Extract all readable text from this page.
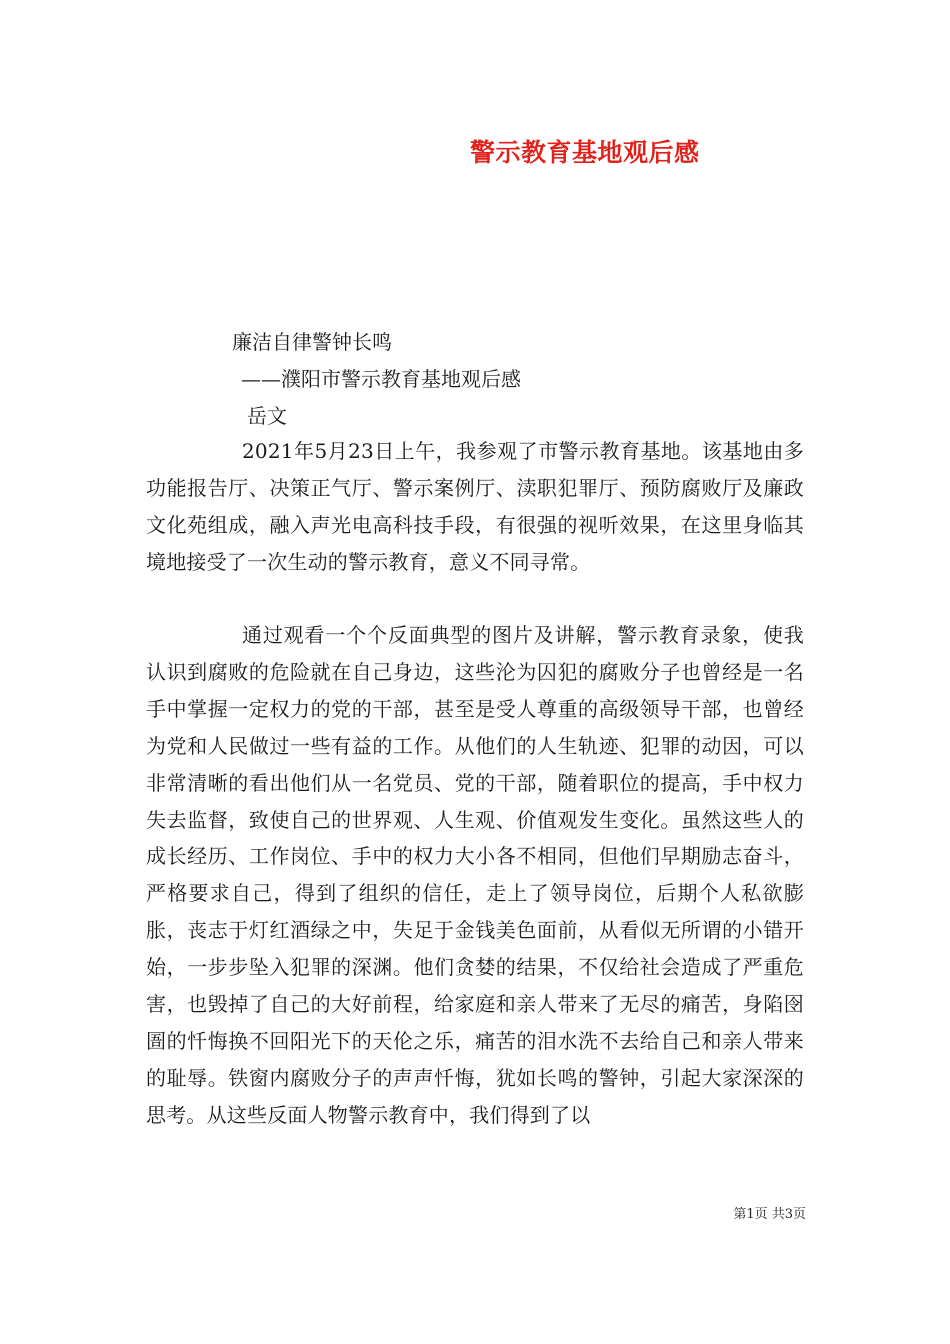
警示教育基地观后感
廉洁自律警钟长鸣
——濮阳市警示教育基地观后感
岳文

2021年5月23日上午，我参观了市警示教育基地。该基地由多功能报告厅、决策正气厅、警示案例厅、渎职犯罪厅、预防腐败厅及廉政文化苑组成，融入声光电高科技手段，有很强的视听效果，在这里身临其境地接受了一次生动的警示教育，意义不同寻常。

通过观看一个个反面典型的图片及讲解，警示教育录象，使我认识到腐败的危险就在自己身边，这些沦为囚犯的腐败分子也曾经是一名手中掌握一定权力的党的干部，甚至是受人尊重的高级领导干部，也曾经为党和人民做过一些有益的工作。从他们的人生轨迹、犯罪的动因，可以非常清晰的看出他们从一名党员、党的干部，随着职位的提高，手中权力失去监督，致使自己的世界观、人生观、价值观发生变化。虽然这些人的成长经历、工作岗位、手中的权力大小各不相同，但他们早期励志奋斗，严格要求自己，得到了组织的信任，走上了领导岗位，后期个人私欲膨胀，丧志于灯红酒绿之中，失足于金钱美色面前，从看似无所谓的小错开始，一步步坠入犯罪的深渊。他们贪婪的结果，不仅给社会造成了严重危害，也毁掉了自己的大好前程，给家庭和亲人带来了无尽的痛苦，身陷囹圄的忏悔换不回阳光下的天伦之乐，痛苦的泪水洗不去给自己和亲人带来的耻辱。铁窗内腐败分子的声声忏悔，犹如长鸣的警钟，引起大家深深的思考。从这些反面人物警示教育中，我们得到了以

第1页 共3页
